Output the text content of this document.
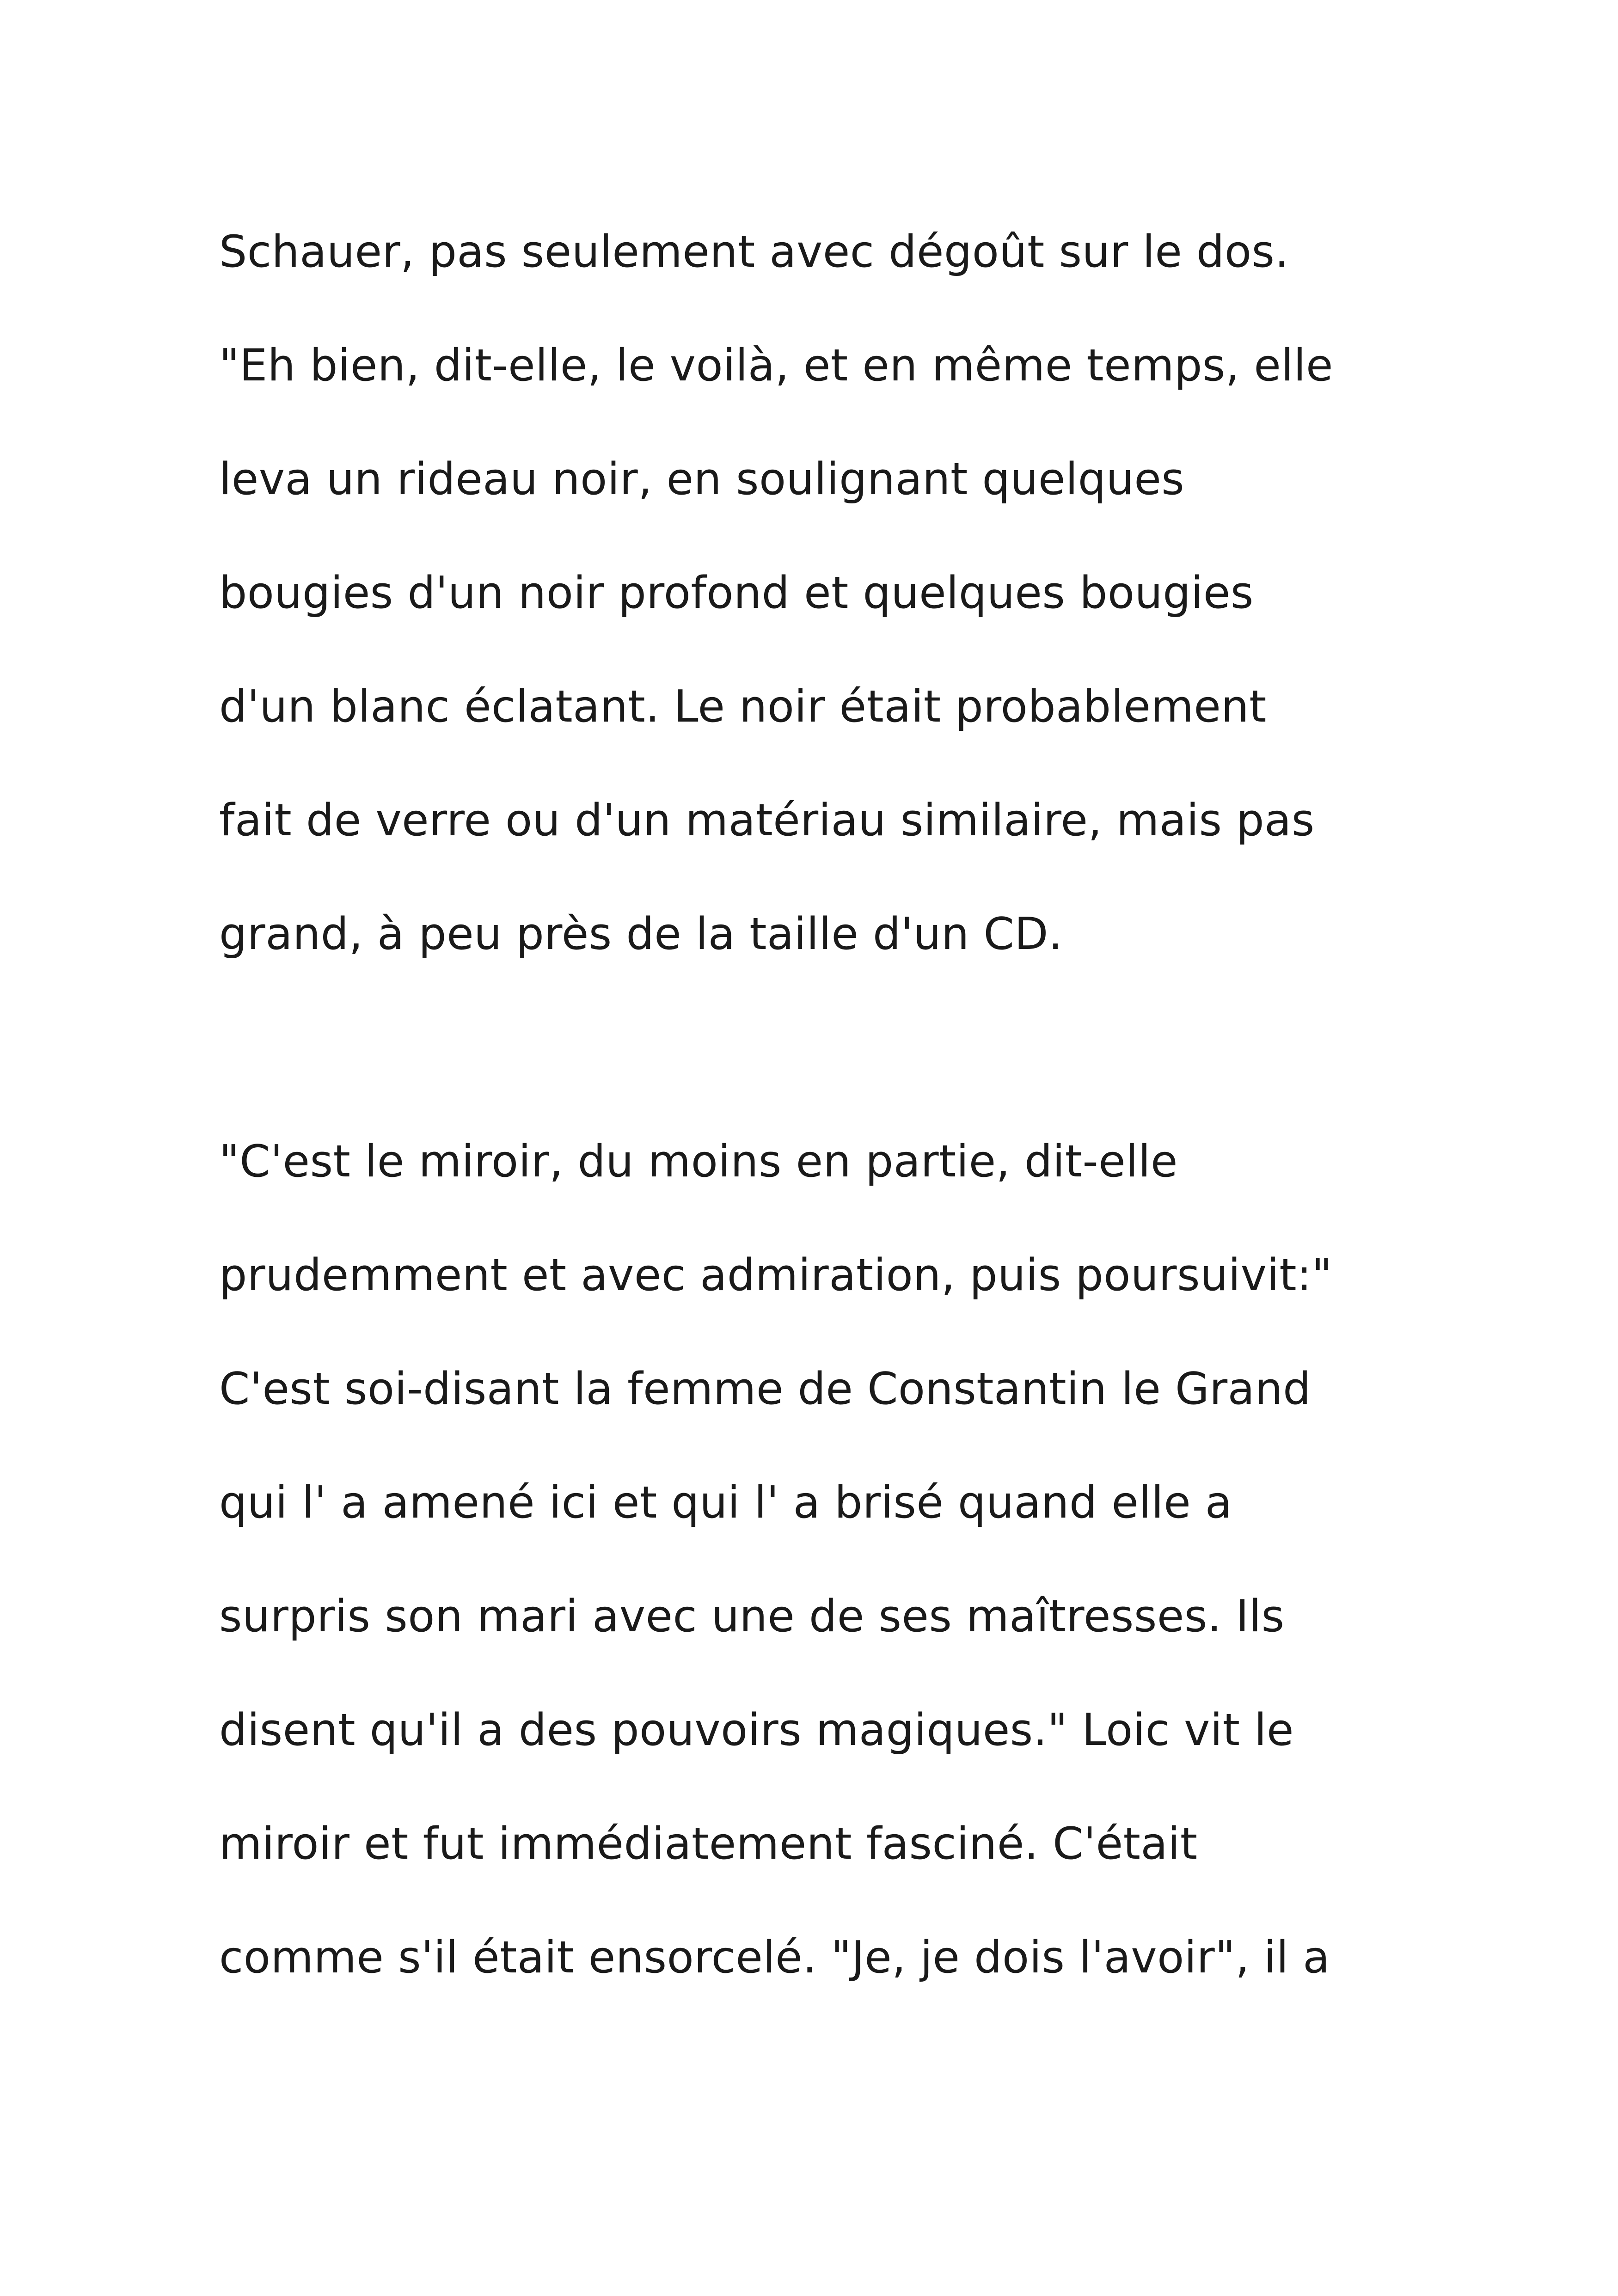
Schauer, pas seulement avec dégoût sur le dos.

"Eh bien, dit-elle, le voilà, et en même temps, elle

leva un rideau noir, en soulignant quelques

bougies d'un noir profond et quelques bougies

d'un blanc éclatant. Le noir était probablement

fait de verre ou d'un matériau similaire, mais pas

grand, à peu près de la taille d'un CD.

"C'est le miroir, du moins en partie, dit-elle

prudemment et avec admiration, puis poursuivit:"

C'est soi-disant la femme de Constantin le Grand

qui l' a amené ici et qui l' a brisé quand elle a

surpris son mari avec une de ses maîtresses. Ils

disent qu'il a des pouvoirs magiques." Loic vit le

miroir et fut immédiatement fasciné. C'était

comme s'il était ensorcelé. "Je, je dois l'avoir", il a
